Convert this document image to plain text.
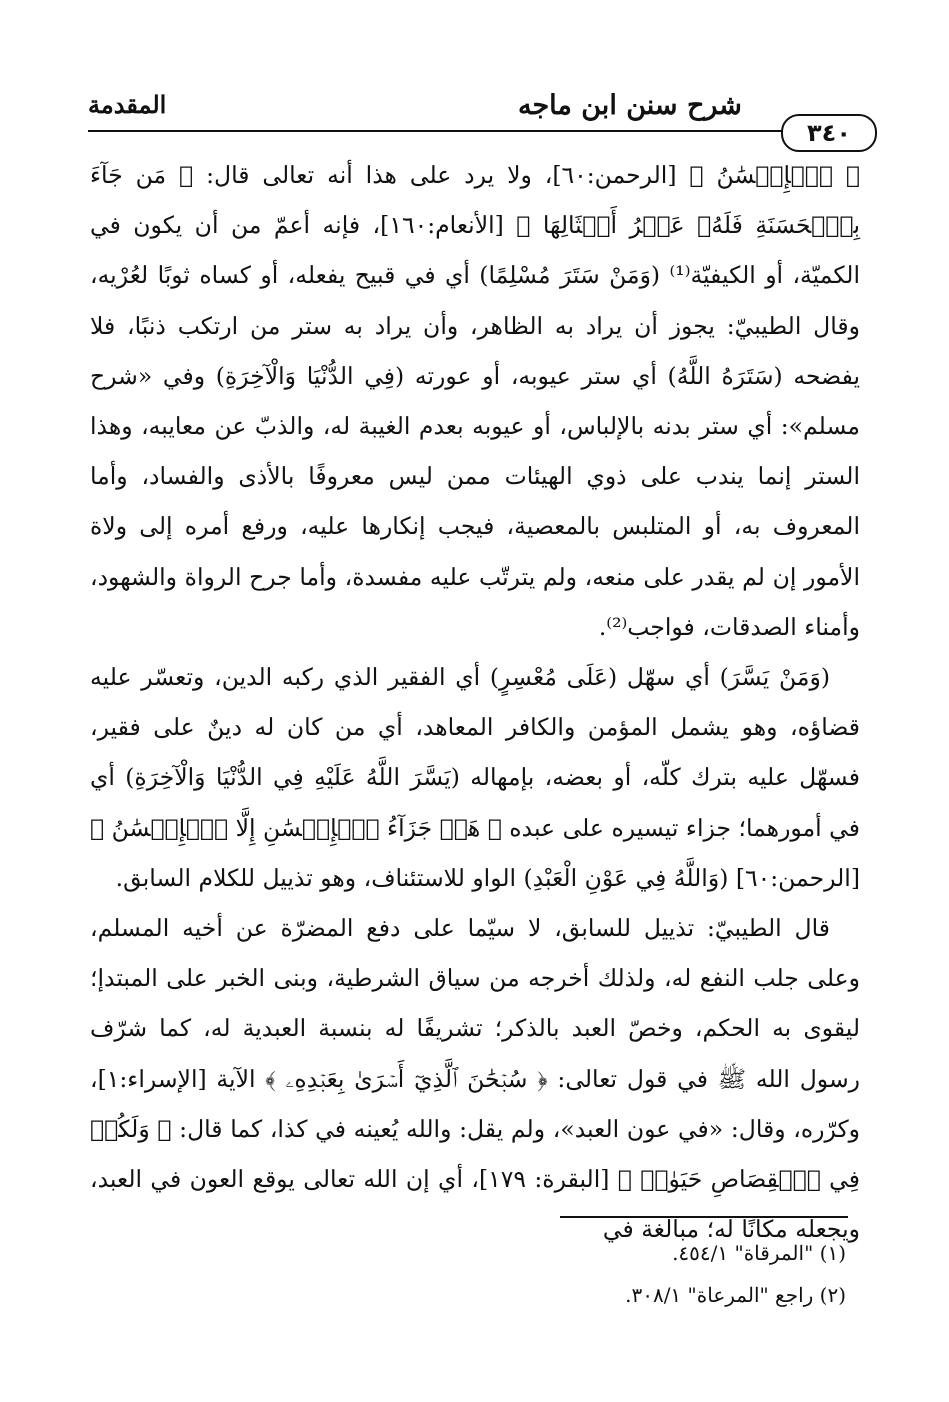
المقدمة	شرح سنن ابن ماجه
٣٤٠

﴿ ٱلۡإِحۡسَٰنُ ﴾ [الرحمن:٦٠]، ولا يرد على هذا أنه تعالى قال: ﴿ مَن جَآءَ بِٱلۡحَسَنَةِ فَلَهُۥ عَشۡرُ أَمۡثَالِهَا ﴾ [الأنعام:١٦٠]، فإنه أعمّ من أن يكون في الكميّة، أو الكيفيّة⁽¹⁾ (وَمَنْ سَتَرَ مُسْلِمًا) أي في قبيح يفعله، أو كساه ثوبًا لعُرْيه، وقال الطيبيّ: يجوز أن يراد به الظاهر، وأن يراد به ستر من ارتكب ذنبًا، فلا يفضحه (سَتَرَهُ اللَّهُ) أي ستر عيوبه، أو عورته (فِي الدُّنْيَا وَالْآخِرَةِ) وفي «شرح مسلم»: أي ستر بدنه بالإلباس، أو عيوبه بعدم الغيبة له، والذبّ عن معايبه، وهذا الستر إنما يندب على ذوي الهيئات ممن ليس معروفًا بالأذى والفساد، وأما المعروف به، أو المتلبس بالمعصية، فيجب إنكارها عليه، ورفع أمره إلى ولاة الأمور إن لم يقدر على منعه، ولم يترتّب عليه مفسدة، وأما جرح الرواة والشهود، وأمناء الصدقات، فواجب⁽²⁾.

(وَمَنْ يَسَّرَ) أي سهّل (عَلَى مُعْسِرٍ) أي الفقير الذي ركبه الدين، وتعسّر عليه قضاؤه، وهو يشمل المؤمن والكافر المعاهد، أي من كان له دينٌ على فقير، فسهّل عليه بترك كلّه، أو بعضه، بإمهاله (يَسَّرَ اللَّهُ عَلَيْهِ فِي الدُّنْيَا وَالْآخِرَةِ) أي في أمورهما؛ جزاء تيسيره على عبده ﴿ هَلۡ جَزَآءُ ٱلۡإِحۡسَٰنِ إِلَّا ٱلۡإِحۡسَٰنُ ﴾ [الرحمن:٦٠] (وَاللَّهُ فِي عَوْنِ الْعَبْدِ) الواو للاستئناف، وهو تذييل للكلام السابق.

قال الطيبيّ: تذييل للسابق، لا سيّما على دفع المضرّة عن أخيه المسلم، وعلى جلب النفع له، ولذلك أخرجه من سياق الشرطية، وبنى الخبر على المبتدإ؛ ليقوى به الحكم، وخصّ العبد بالذكر؛ تشريفًا له بنسبة العبدية له، كما شرّف رسول الله ﷺ في قول تعالى: ﴿ سُبۡحَٰنَ ٱلَّذِيٓ أَسۡرَىٰ بِعَبۡدِهِۦ ﴾ الآية [الإسراء:١]، وكرّره، وقال: «في عون العبد»، ولم يقل: والله يُعينه في كذا، كما قال: ﴿ وَلَكُمۡ فِي ٱلۡقِصَاصِ حَيَوٰةٞ ﴾ [البقرة: ١٧٩]، أي إن الله تعالى يوقع العون في العبد، ويجعله مكانًا له؛ مبالغة في

(١) "المرقاة" ٤٥٤/١.
(٢) راجع "المرعاة" ٣٠٨/١.
